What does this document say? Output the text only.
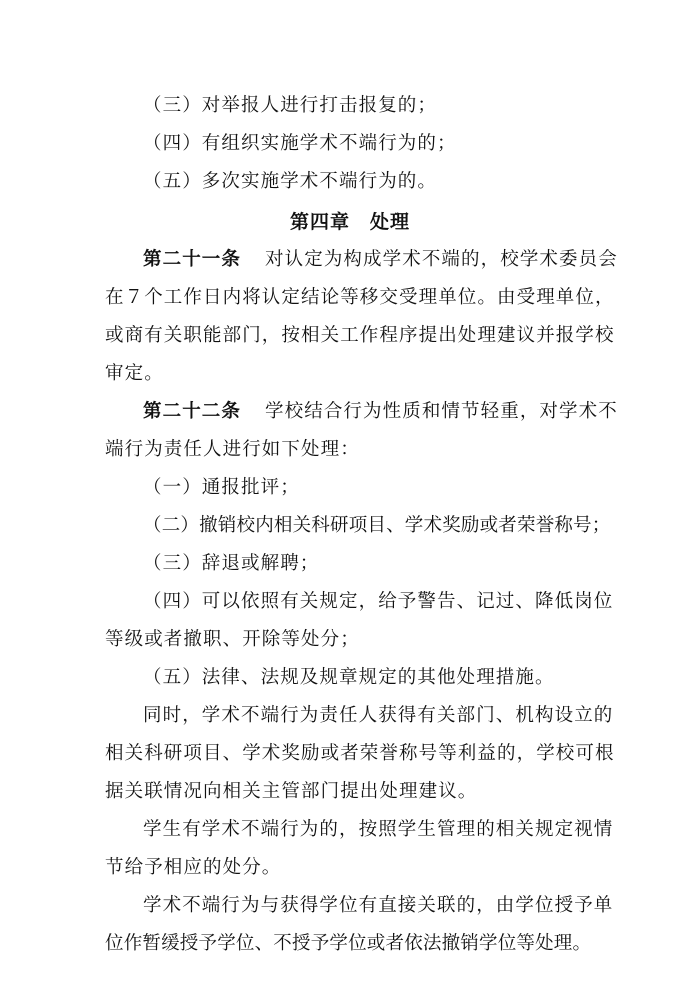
（三）对举报人进行打击报复的；
（四）有组织实施学术不端行为的；
（五）多次实施学术不端行为的。
第四章　处理
第二十一条 对认定为构成学术不端的，校学术委员会
在７个工作日内将认定结论等移交受理单位。由受理单位，
或商有关职能部门，按相关工作程序提出处理建议并报学校
审定。
第二十二条 学校结合行为性质和情节轻重，对学术不
端行为责任人进行如下处理：
（一）通报批评；
（二）撤销校内相关科研项目、学术奖励或者荣誉称号；
（三）辞退或解聘；
（四）可以依照有关规定，给予警告、记过、降低岗位
等级或者撤职、开除等处分；
（五）法律、法规及规章规定的其他处理措施。
同时，学术不端行为责任人获得有关部门、机构设立的
相关科研项目、学术奖励或者荣誉称号等利益的，学校可根
据关联情况向相关主管部门提出处理建议。
学生有学术不端行为的，按照学生管理的相关规定视情
节给予相应的处分。
学术不端行为与获得学位有直接关联的，由学位授予单
位作暂缓授予学位、不授予学位或者依法撤销学位等处理。
